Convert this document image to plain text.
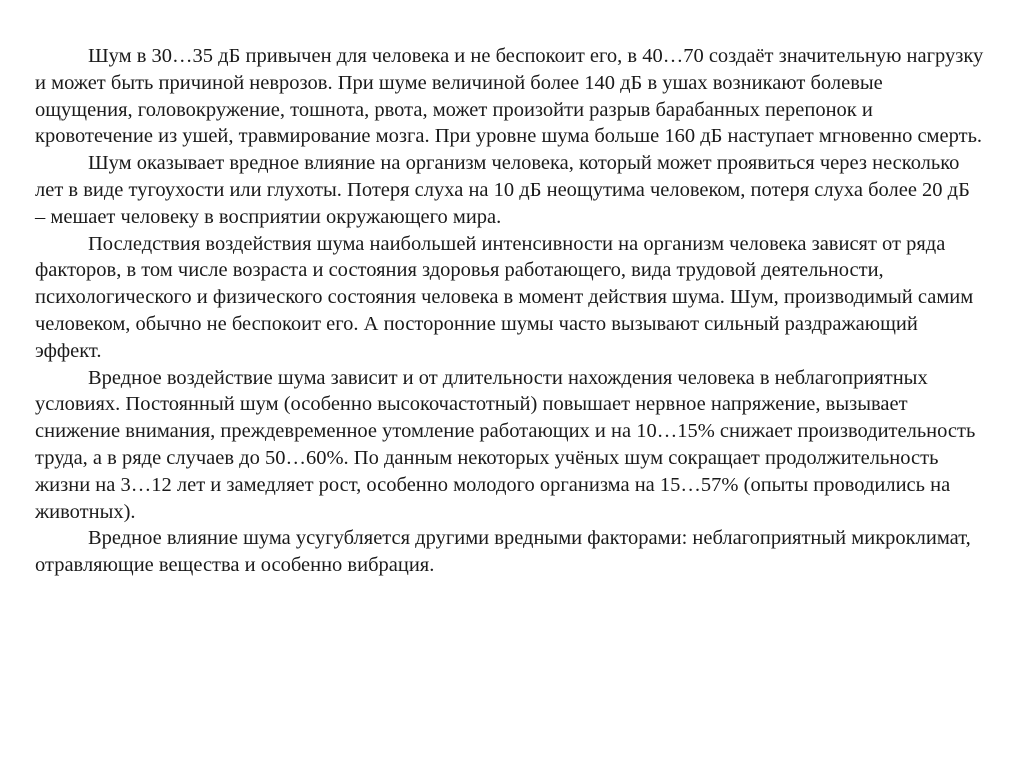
Шум в 30…35 дБ привычен для человека и не беспокоит его, в 40…70 создаёт значительную нагрузку и может быть причиной неврозов. При шуме величиной более 140 дБ в ушах возникают болевые ощущения, головокружение, тошнота, рвота, может произойти разрыв барабанных перепонок и кровотечение из ушей, травмирование мозга. При уровне шума больше 160 дБ наступает мгновенно смерть.

Шум оказывает вредное влияние на организм человека, который может проявиться через несколько лет в виде тугоухости или глухоты. Потеря слуха на 10 дБ неощутима человеком, потеря слуха более 20 дБ – мешает человеку в восприятии окружающего мира.

Последствия воздействия шума наибольшей интенсивности на организм человека зависят от ряда факторов, в том числе возраста и состояния здоровья работающего, вида трудовой деятельности, психологического и физического состояния человека в момент действия шума. Шум, производимый самим человеком, обычно не беспокоит его. А посторонние шумы часто вызывают сильный раздражающий эффект.

Вредное воздействие шума зависит и от длительности нахождения человека в неблагоприятных условиях. Постоянный шум (особенно высокочастотный) повышает нервное напряжение, вызывает снижение внимания, преждевременное утомление работающих и на 10…15% снижает производительность труда, а в ряде случаев до 50…60%. По данным некоторых учёных шум сокращает продолжительность жизни на 3…12 лет и замедляет рост, особенно молодого организма на 15…57% (опыты проводились на животных).

Вредное влияние шума усугубляется другими вредными факторами: неблагоприятный микроклимат, отравляющие вещества и особенно вибрация.
